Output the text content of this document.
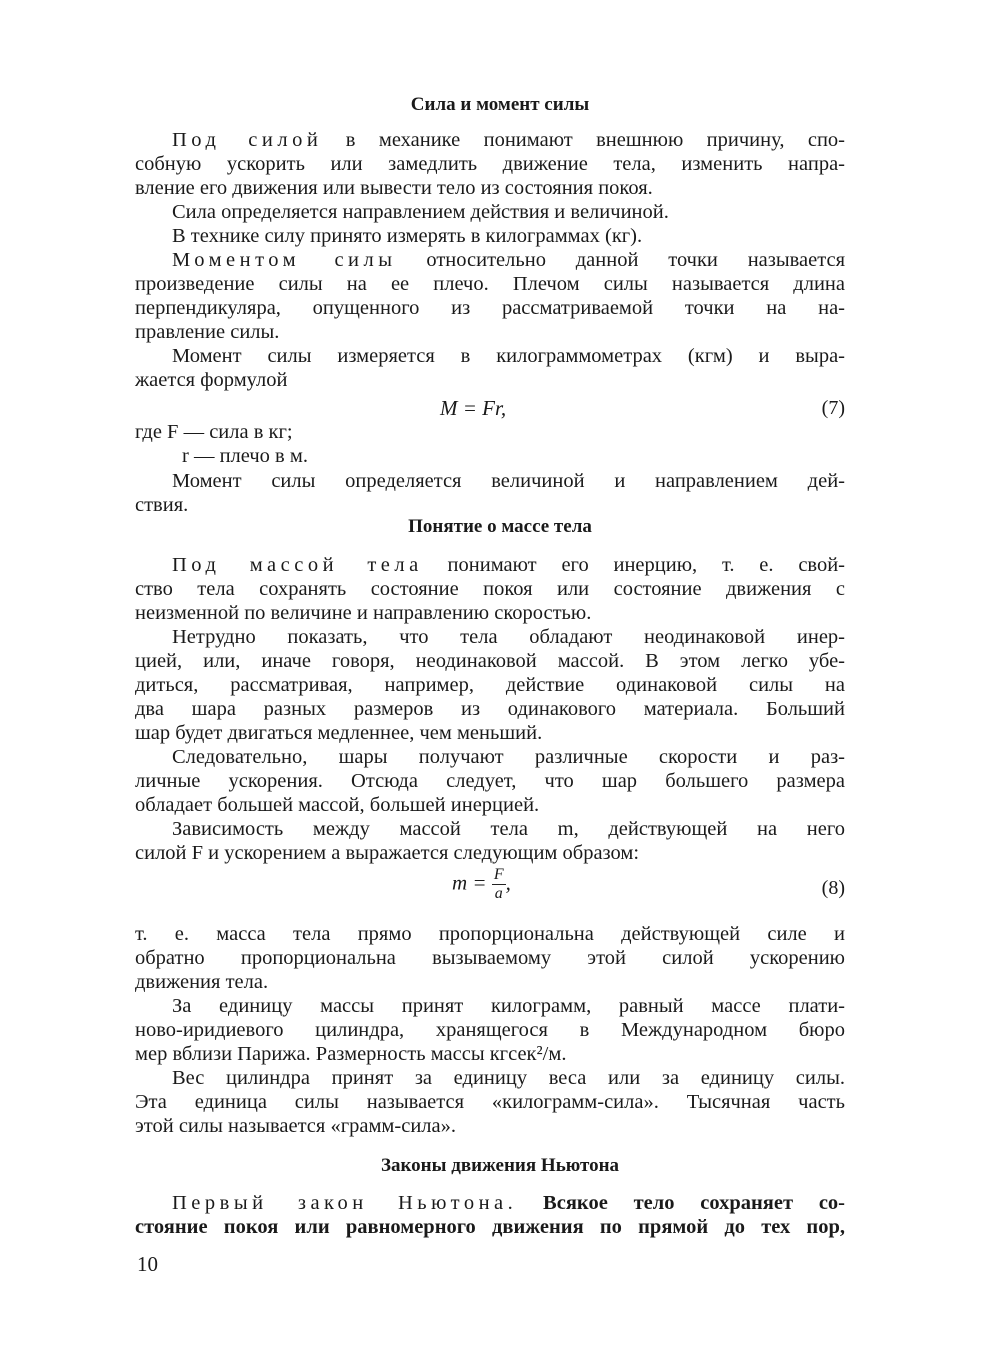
Сила и момент силы
Под силой в механике понимают внешнюю причину, спо-
собную ускорить или замедлить движение тела, изменить напра-
вление его движения или вывести тело из состояния покоя.
Сила определяется направлением действия и величиной.
В технике силу принято измерять в килограммах (кг).
Моментом силы относительно данной точки называется
произведение силы на ее плечо. Плечом силы называется длина
перпендикуляра, опущенного из рассматриваемой точки на на-
правление силы.
Момент силы измеряется в килограммометрах (кгм) и выра-
жается формулой
M = Fr,	(7)
где F — сила в кг;
r — плечо в м.
Момент силы определяется величиной и направлением дей-
ствия.
Понятие о массе тела
Под массой тела понимают его инерцию, т. е. свой-
ство тела сохранять состояние покоя или состояние движения с
неизменной по величине и направлению скоростью.
Нетрудно показать, что тела обладают неодинаковой инер-
цией, или, иначе говоря, неодинаковой массой. В этом легко убе-
диться, рассматривая, например, действие одинаковой силы на
два шара разных размеров из одинакового материала. Больший
шар будет двигаться медленнее, чем меньший.
Следовательно, шары получают различные скорости и раз-
личные ускорения. Отсюда следует, что шар большего размера
обладает большей массой, большей инерцией.
Зависимость между массой тела m, действующей на него
силой F и ускорением a выражается следующим образом:
$m = \frac{F}{a}$ ,	(8)
т. е. масса тела прямо пропорциональна действующей силе и
обратно пропорциональна вызываемому этой силой ускорению
движения тела.
За единицу массы принят килограмм, равный массе плати-
ново-иридиевого цилиндра, хранящегося в Международном бюро
мер вблизи Парижа. Размерность массы кгсек²/м.
Вес цилиндра принят за единицу веса или за единицу силы.
Эта единица силы называется «килограмм-сила». Тысячная часть
этой силы называется «грамм-сила».
Законы движения Ньютона
Первый закон Ньютона. Всякое тело сохраняет со-
стояние покоя или равномерного движения по прямой до тех пор,
10
